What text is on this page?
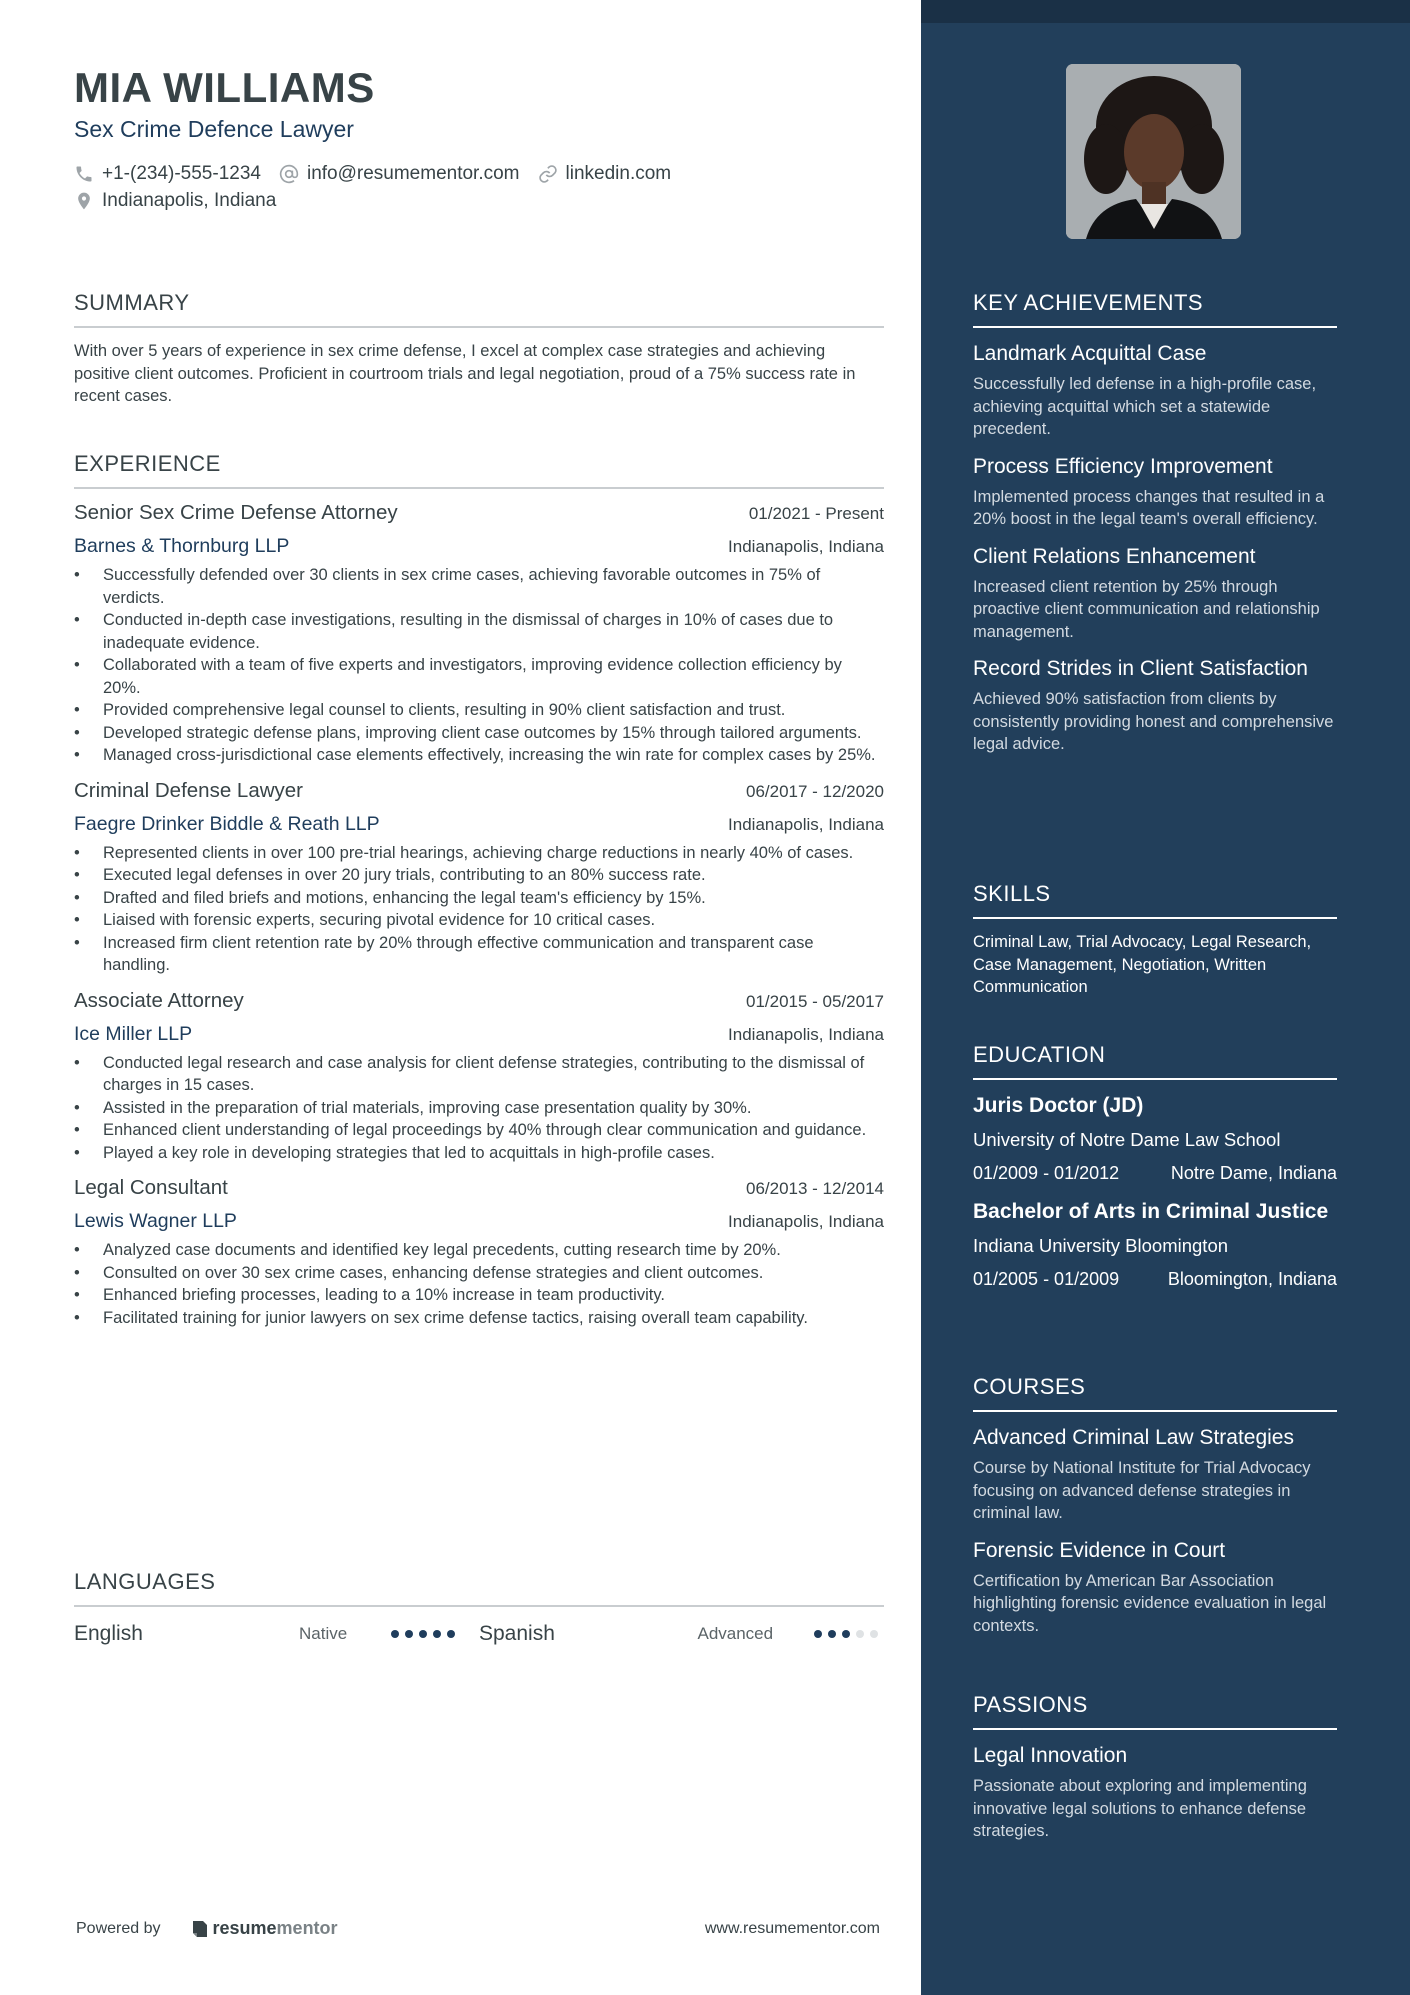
MIA WILLIAMS
Sex Crime Defence Lawyer
+1-(234)-555-1234 info@resumementor.com linkedin.com
Indianapolis, Indiana
SUMMARY
With over 5 years of experience in sex crime defense, I excel at complex case strategies and achieving positive client outcomes. Proficient in courtroom trials and legal negotiation, proud of a 75% success rate in recent cases.
EXPERIENCE
Senior Sex Crime Defense Attorney	01/2021 - Present
Barnes & Thornburg LLP	Indianapolis, Indiana
• Successfully defended over 30 clients in sex crime cases, achieving favorable outcomes in 75% of verdicts.
• Conducted in-depth case investigations, resulting in the dismissal of charges in 10% of cases due to inadequate evidence.
• Collaborated with a team of five experts and investigators, improving evidence collection efficiency by 20%.
• Provided comprehensive legal counsel to clients, resulting in 90% client satisfaction and trust.
• Developed strategic defense plans, improving client case outcomes by 15% through tailored arguments.
• Managed cross-jurisdictional case elements effectively, increasing the win rate for complex cases by 25%.
Criminal Defense Lawyer	06/2017 - 12/2020
Faegre Drinker Biddle & Reath LLP	Indianapolis, Indiana
• Represented clients in over 100 pre-trial hearings, achieving charge reductions in nearly 40% of cases.
• Executed legal defenses in over 20 jury trials, contributing to an 80% success rate.
• Drafted and filed briefs and motions, enhancing the legal team's efficiency by 15%.
• Liaised with forensic experts, securing pivotal evidence for 10 critical cases.
• Increased firm client retention rate by 20% through effective communication and transparent case handling.
Associate Attorney	01/2015 - 05/2017
Ice Miller LLP	Indianapolis, Indiana
• Conducted legal research and case analysis for client defense strategies, contributing to the dismissal of charges in 15 cases.
• Assisted in the preparation of trial materials, improving case presentation quality by 30%.
• Enhanced client understanding of legal proceedings by 40% through clear communication and guidance.
• Played a key role in developing strategies that led to acquittals in high-profile cases.
Legal Consultant	06/2013 - 12/2014
Lewis Wagner LLP	Indianapolis, Indiana
• Analyzed case documents and identified key legal precedents, cutting research time by 20%.
• Consulted on over 30 sex crime cases, enhancing defense strategies and client outcomes.
• Enhanced briefing processes, leading to a 10% increase in team productivity.
• Facilitated training for junior lawyers on sex crime defense tactics, raising overall team capability.
LANGUAGES
English	Native	Spanish	Advanced
Powered by	resume mentor	www.resumementor.com
KEY ACHIEVEMENTS
Landmark Acquittal Case
Successfully led defense in a high-profile case, achieving acquittal which set a statewide precedent.
Process Efficiency Improvement
Implemented process changes that resulted in a 20% boost in the legal team's overall efficiency.
Client Relations Enhancement
Increased client retention by 25% through proactive client communication and relationship management.
Record Strides in Client Satisfaction
Achieved 90% satisfaction from clients by consistently providing honest and comprehensive legal advice.
SKILLS
Criminal Law, Trial Advocacy, Legal Research, Case Management, Negotiation, Written Communication
EDUCATION
Juris Doctor (JD)
University of Notre Dame Law School
01/2009 - 01/2012	Notre Dame, Indiana
Bachelor of Arts in Criminal Justice
Indiana University Bloomington
01/2005 - 01/2009	Bloomington, Indiana
COURSES
Advanced Criminal Law Strategies
Course by National Institute for Trial Advocacy focusing on advanced defense strategies in criminal law.
Forensic Evidence in Court
Certification by American Bar Association highlighting forensic evidence evaluation in legal contexts.
PASSIONS
Legal Innovation
Passionate about exploring and implementing innovative legal solutions to enhance defense strategies.
